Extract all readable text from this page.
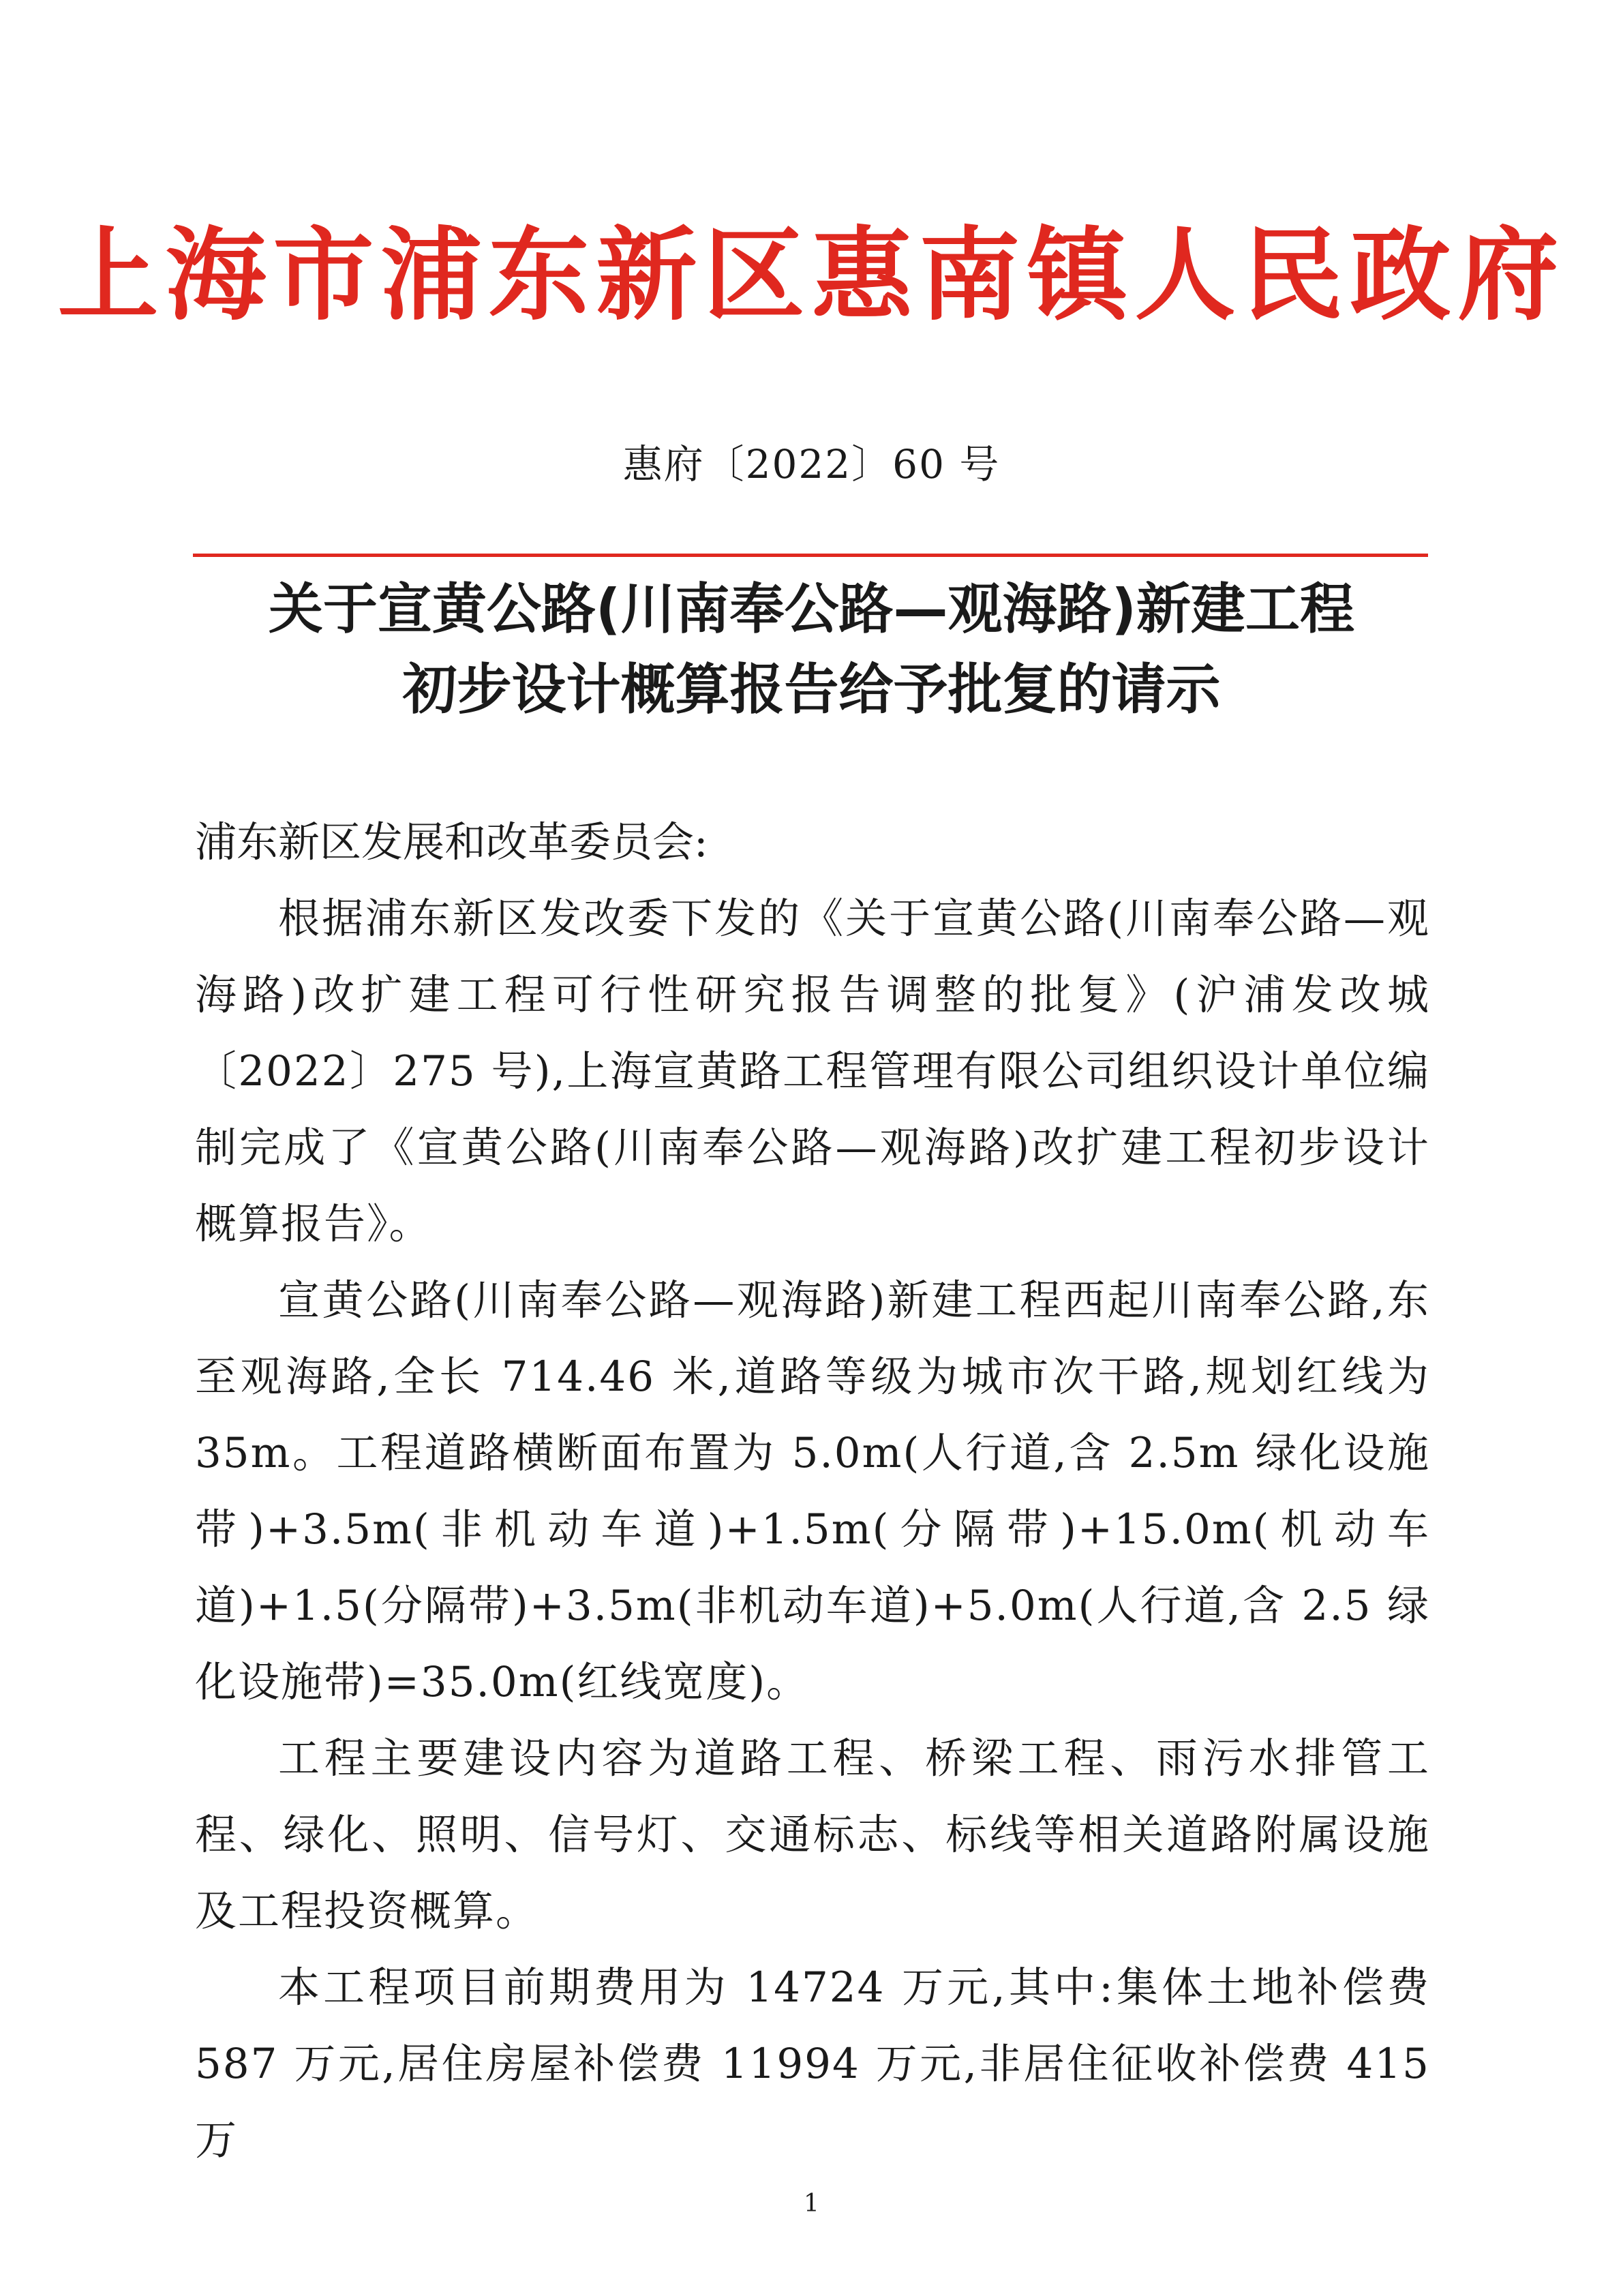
上海市浦东新区惠南镇人民政府
惠府〔2022〕60 号
关于宣黄公路(川南奉公路—观海路)新建工程
初步设计概算报告给予批复的请示

浦东新区发展和改革委员会:

根据浦东新区发改委下发的《关于宣黄公路(川南奉公路—观海路)改扩建工程可行性研究报告调整的批复》(沪浦发改城〔2022〕275 号),上海宣黄路工程管理有限公司组织设计单位编制完成了《宣黄公路(川南奉公路—观海路)改扩建工程初步设计概算报告》。

宣黄公路(川南奉公路—观海路)新建工程西起川南奉公路,东至观海路,全长 714.46 米,道路等级为城市次干路,规划红线为 35m。工程道路横断面布置为 5.0m(人行道,含 2.5m 绿化设施带)+3.5m(非机动车道)+1.5m(分隔带)+15.0m(机动车道)+1.5(分隔带)+3.5m(非机动车道)+5.0m(人行道,含 2.5 绿化设施带)=35.0m(红线宽度)。

工程主要建设内容为道路工程、桥梁工程、雨污水排管工程、绿化、照明、信号灯、交通标志、标线等相关道路附属设施及工程投资概算。

本工程项目前期费用为 14724 万元,其中:集体土地补偿费 587 万元,居住房屋补偿费 11994 万元,非居住征收补偿费 415 万

1
